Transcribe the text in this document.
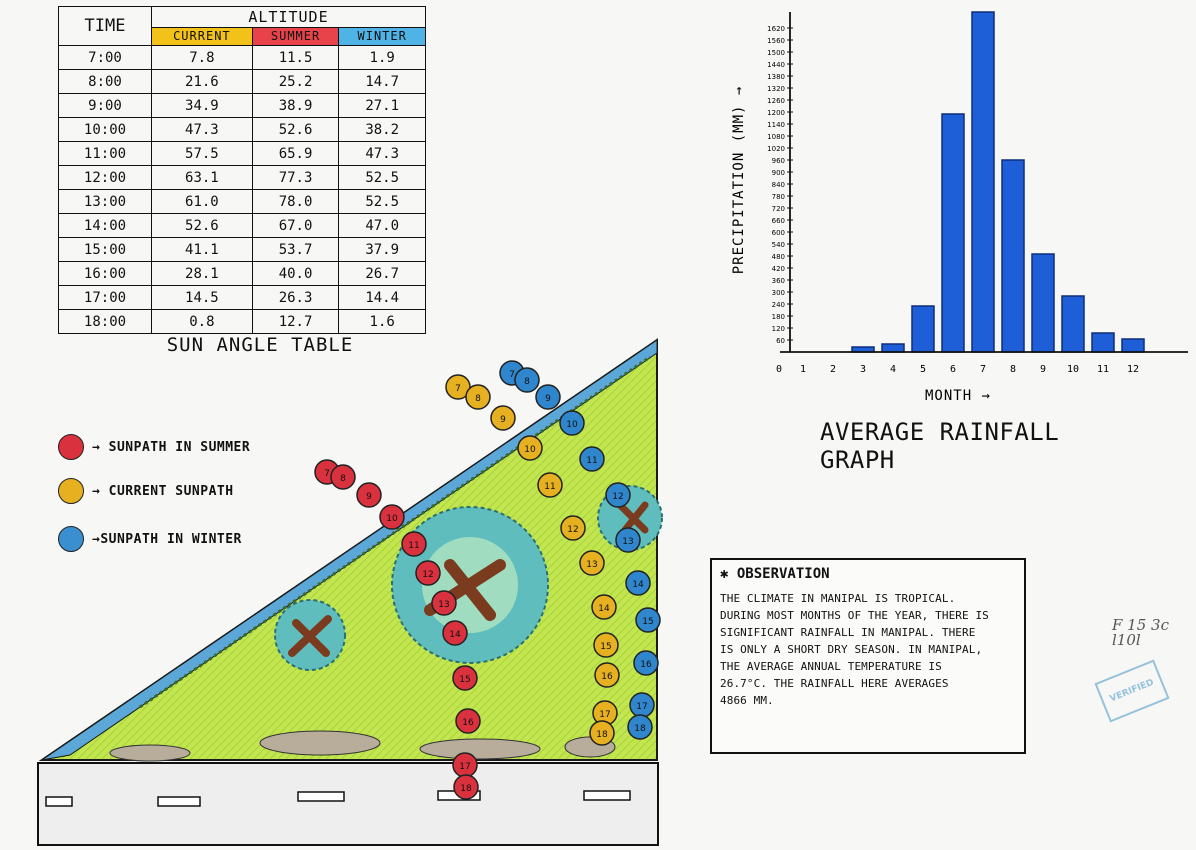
TIME	ALTITUDE		
	CURRENT	SUMMER	WINTER
7:00	7.8	11.5	1.9
8:00	21.6	25.2	14.7
9:00	34.9	38.9	27.1
10:00	47.3	52.6	38.2
11:00	57.5	65.9	47.3
12:00	63.1	77.3	52.5
13:00	61.0	78.0	52.5
14:00	52.6	67.0	47.0
15:00	41.1	53.7	37.9
16:00	28.1	40.0	26.7
17:00	14.5	26.3	14.4
18:00	0.8	12.7	1.6
SUN ANGLE TABLE
→ SUNPATH IN SUMMER
→ CURRENT SUNPATH
→SUNPATH IN WINTER
7 8
9
10
11
12
13
14
15
16
17
18
7
8
9
10
11
12
13
14
15
16
17
18
7
8
9
10
11
12
13
14
15
16
17
18
1 2 3 4 5 6 7 8 9 10 11 12
0
60
120
180
240
300
360
420
480
540
600
660
720
780
840
900
960
1020
1080
1140
1200
1260
1320
1380
1440
1500
1560
1620
PRECIPITATION (MM) →
MONTH →
AVERAGE RAINFALL GRAPH
✱ OBSERVATION
THE CLIMATE IN MANIPAL IS TROPICAL.
DURING MOST MONTHS OF THE YEAR, THERE IS
SIGNIFICANT RAINFALL IN MANIPAL. THERE
IS ONLY A SHORT DRY SEASON. IN MANIPAL,
THE AVERAGE ANNUAL TEMPERATURE IS
26.7°C. THE RAINFALL HERE AVERAGES
4866 MM.
F 15 3c l10l
VERIFIED
